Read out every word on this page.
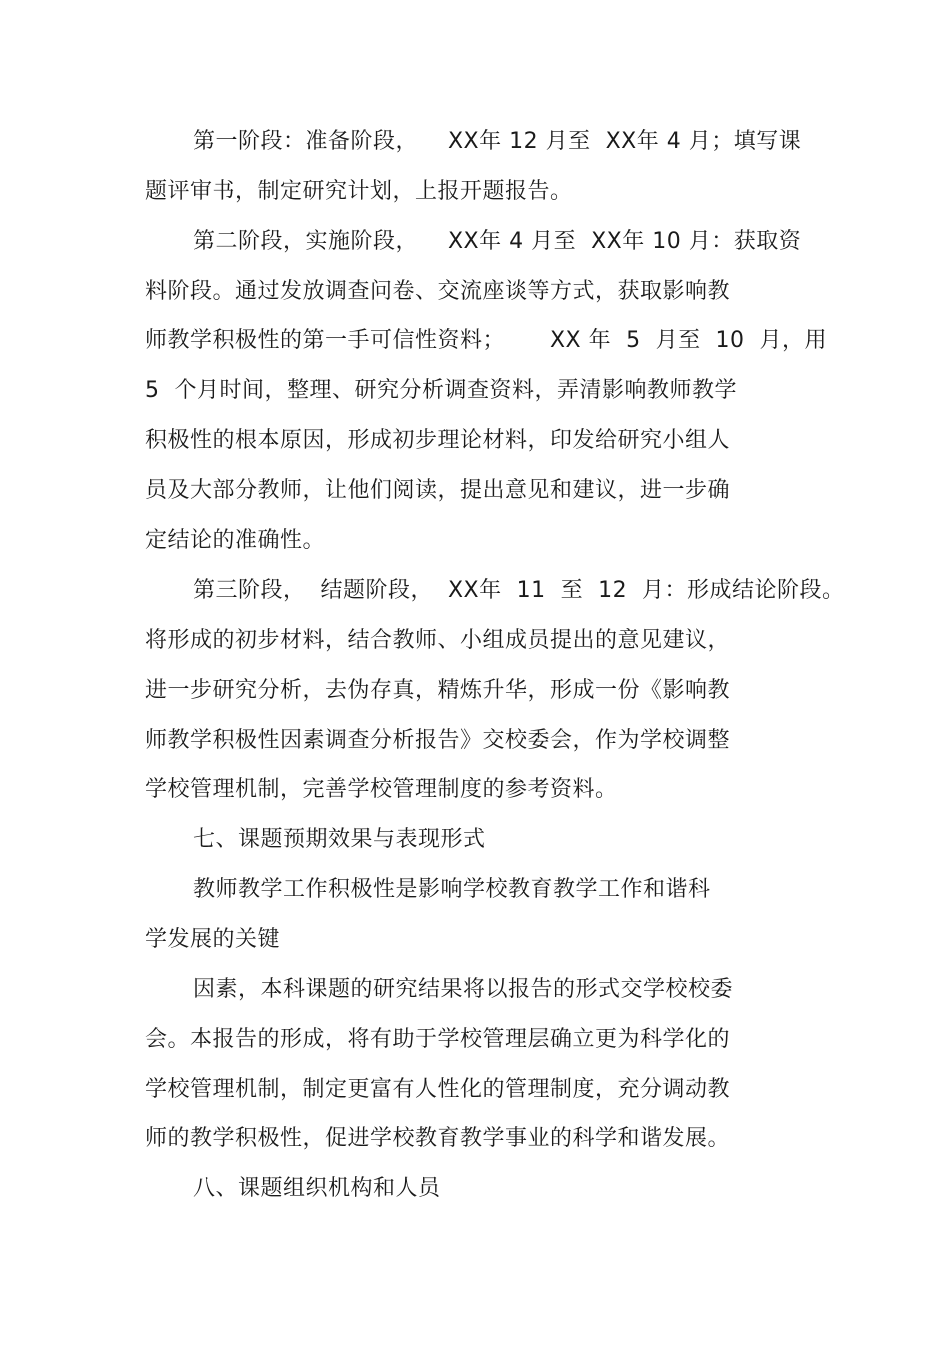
第一阶段：准备阶段，    XX年 12 月至  XX年 4 月；填写课
题评审书，制定研究计划，上报开题报告。
第二阶段，实施阶段，    XX年 4 月至  XX年 10 月：获取资
料阶段。通过发放调查问卷、交流座谈等方式，获取影响教
师教学积极性的第一手可信性资料；      XX 年  5  月至  10  月，用
5  个月时间，整理、研究分析调查资料，弄清影响教师教学
积极性的根本原因，形成初步理论材料，印发给研究小组人
员及大部分教师，让他们阅读，提出意见和建议，进一步确
定结论的准确性。
第三阶段，  结题阶段，  XX年  11  至  12  月：形成结论阶段。
将形成的初步材料，结合教师、小组成员提出的意见建议，
进一步研究分析，去伪存真，精炼升华，形成一份《影响教
师教学积极性因素调查分析报告》交校委会，作为学校调整
学校管理机制，完善学校管理制度的参考资料。
七、课题预期效果与表现形式
教师教学工作积极性是影响学校教育教学工作和谐科
学发展的关键
因素，本科课题的研究结果将以报告的形式交学校校委
会。本报告的形成，将有助于学校管理层确立更为科学化的
学校管理机制，制定更富有人性化的管理制度，充分调动教
师的教学积极性，促进学校教育教学事业的科学和谐发展。
八、课题组织机构和人员
